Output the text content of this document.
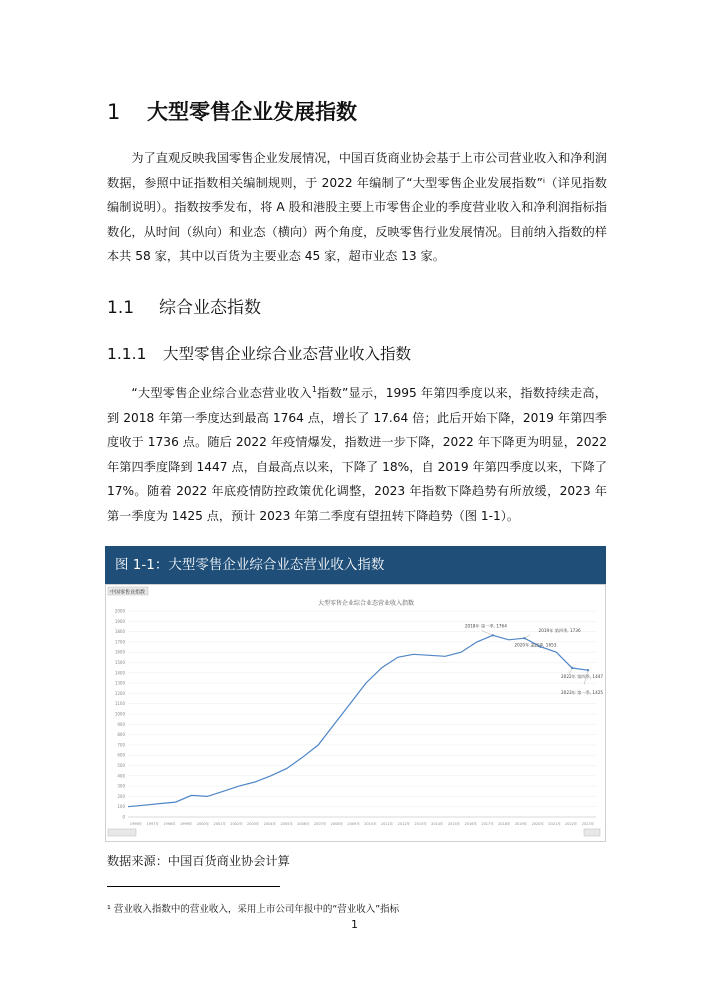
1 大型零售企业发展指数
为了直观反映我国零售企业发展情况，中国百货商业协会基于上市公司营业收入和净利润数据，参照中证指数相关编制规则，于 2022 年编制了“大型零售企业发展指数”ⁱ（详见指数编制说明）。指数按季发布，将 A 股和港股主要上市零售企业的季度营业收入和净利润指标指数化，从时间（纵向）和业态（横向）两个角度，反映零售行业发展情况。目前纳入指数的样本共 58 家，其中以百货为主要业态 45 家，超市业态 13 家。
1.1 综合业态指数
1.1.1 大型零售企业综合业态营业收入指数
“大型零售企业综合业态营业收入$^1$指数”显示，1995 年第四季度以来，指数持续走高，到 2018 年第一季度达到最高 1764 点，增长了 17.64 倍；此后开始下降，2019 年第四季度收于 1736 点。随后 2022 年疫情爆发，指数进一步下降，2022 年下降更为明显，2022 年第四季度降到 1447 点，自最高点以来，下降了 18%，自 2019 年第四季度以来，下降了 17%。随着 2022 年底疫情防控政策优化调整，2023 年指数下降趋势有所放缓，2023 年第一季度为 1425 点，预计 2023 年第二季度有望扭转下降趋势（图 1-1）。
图 1-1：大型零售企业综合业态营业收入指数
中国零售业指数
大型零售企业综合业态营业收入指数
0
100
200
300
400
500
600
700
800
900
1000
1100
1200
1300
1400
1500
1600
1700
1800
1900
2000
1996年 1997年 1998年 1999年 2000年 2001年 2002年 2003年 2004年 2005年 2006年 2007年 2008年 2009年 2010年 2011年 2012年 2013年 2014年 2015年 2016年 2017年 2018年 2019年 2020年 2021年 2022年 2023年
2018年 第一季, 1764
2019年 第四季, 1736
2020年 第四季, 1653
2022年 第四季, 1447
2023年 第一季, 1425
数据来源：中国百货商业协会计算
¹ 营业收入指数中的营业收入，采用上市公司年报中的“营业收入”指标
1
